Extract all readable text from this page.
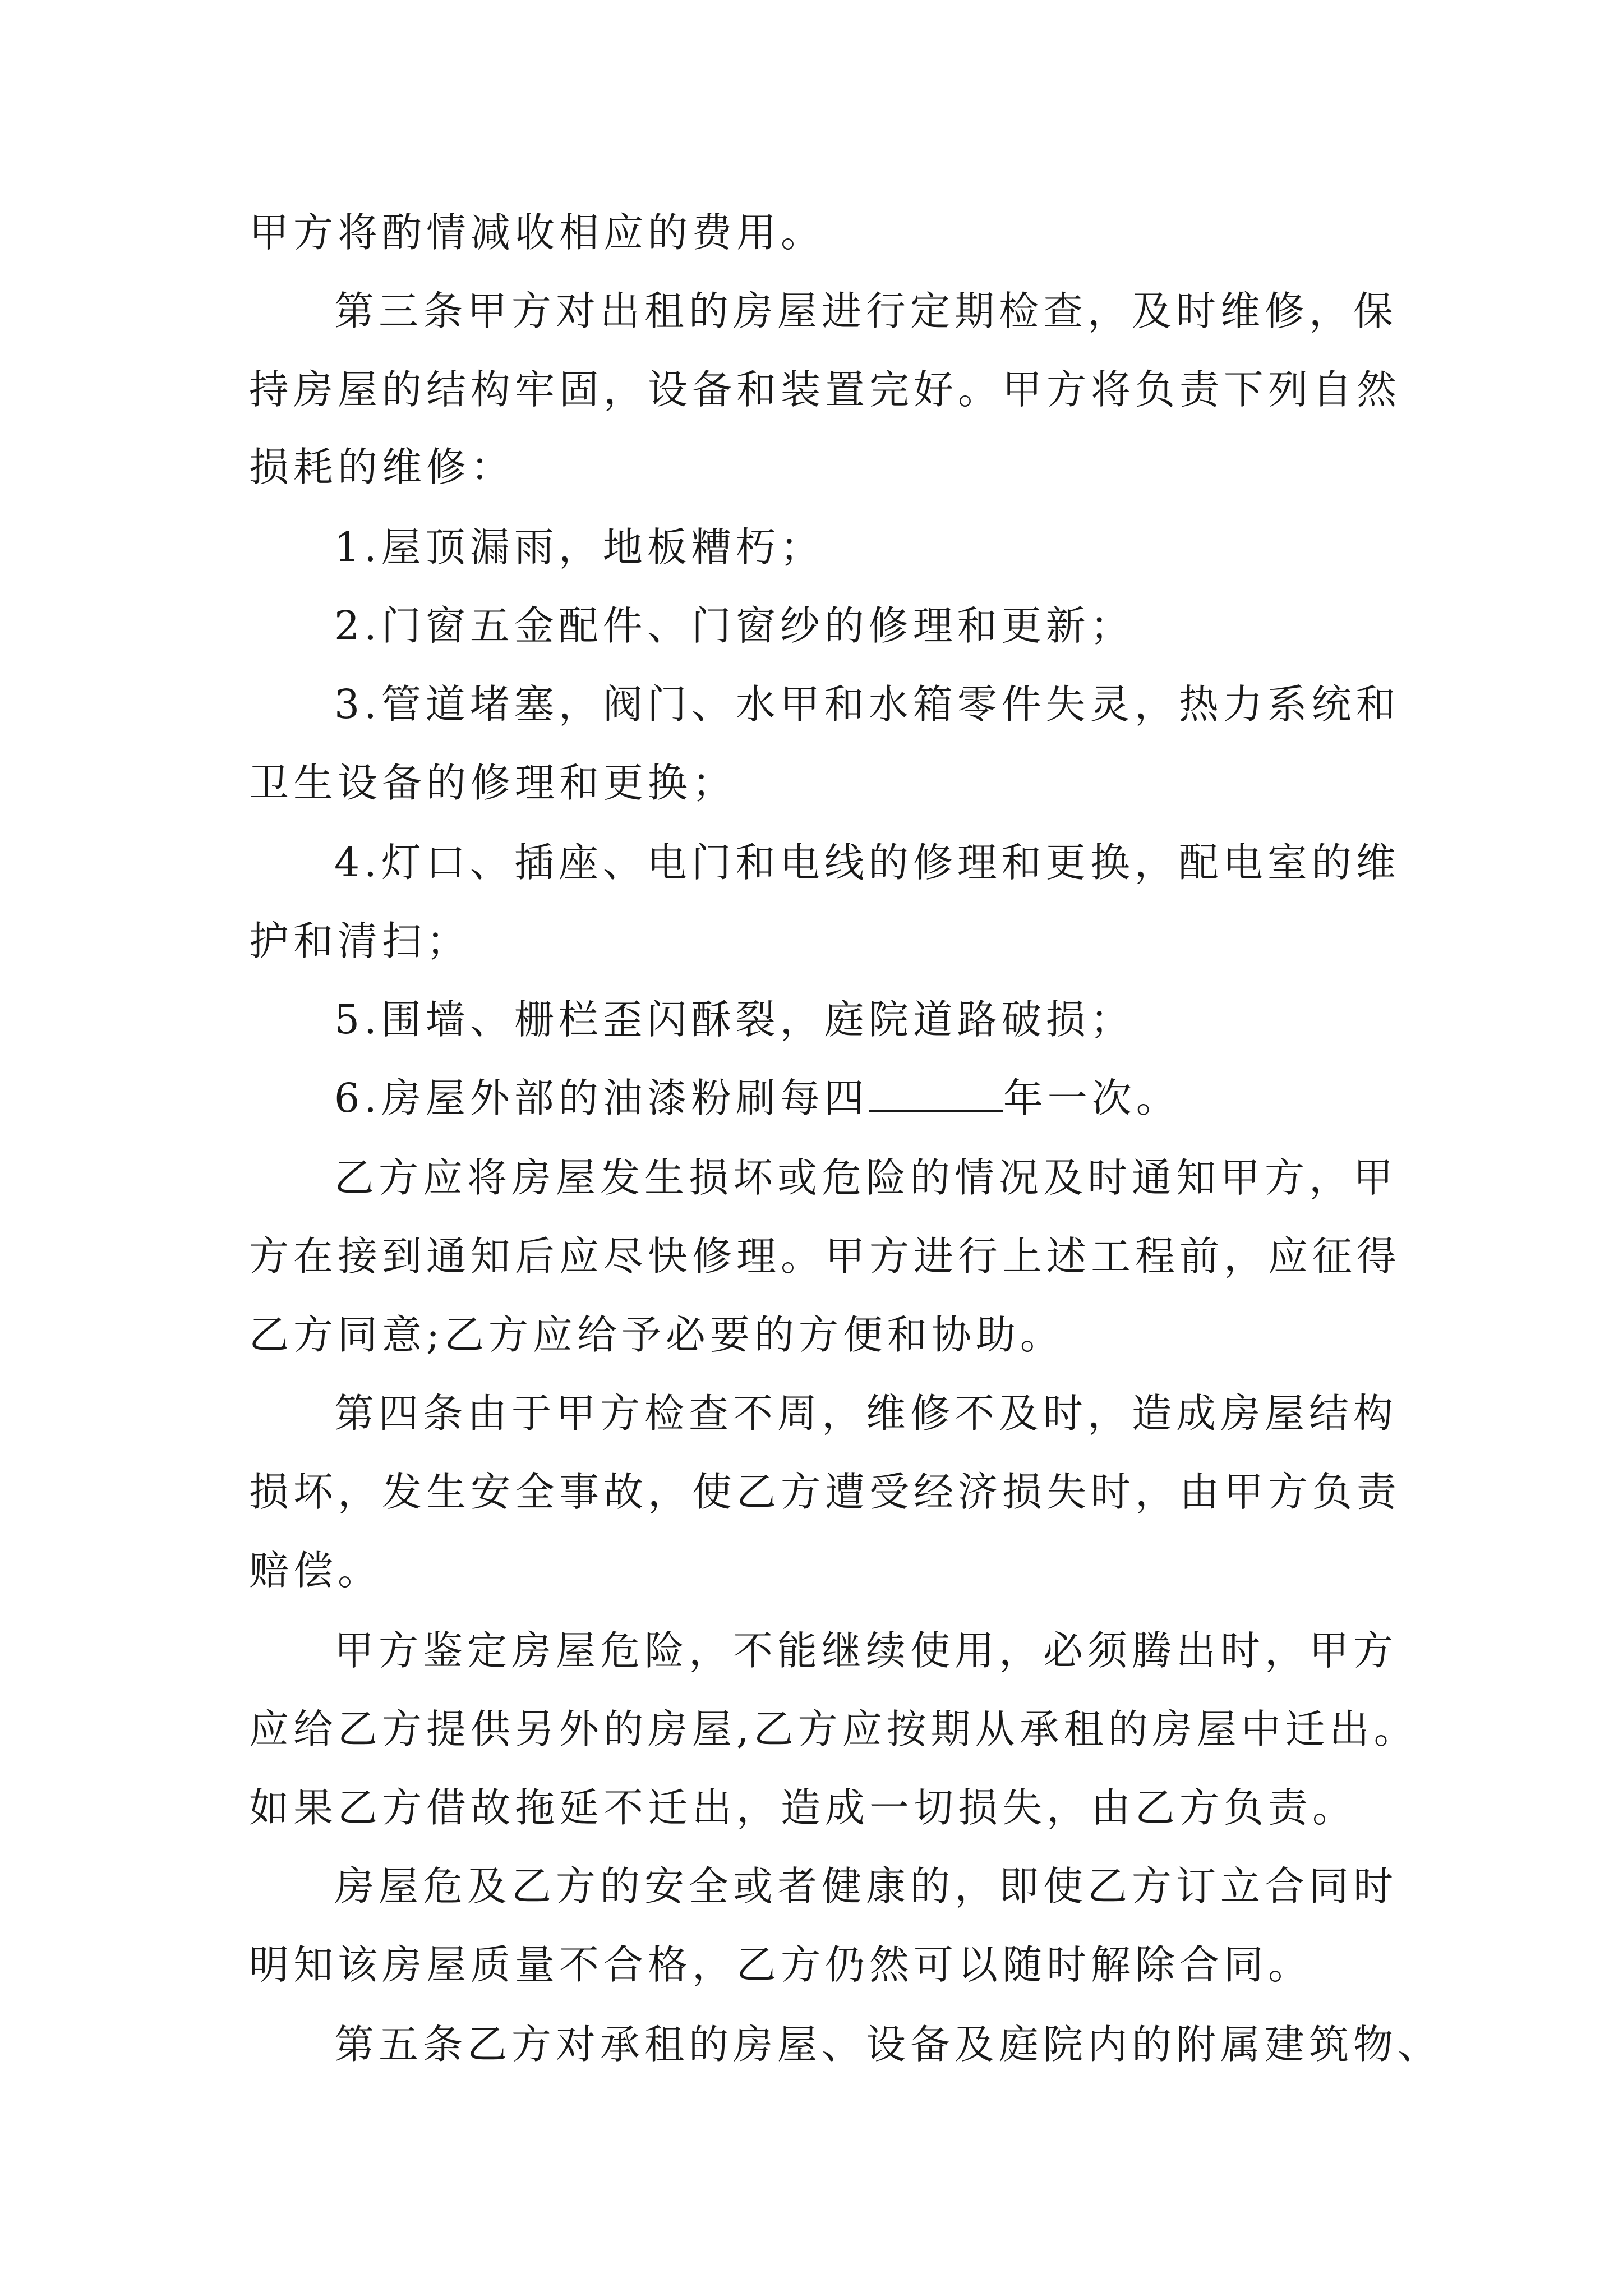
甲方将酌情减收相应的费用。
第三条甲方对出租的房屋进行定期检查，及时维修，保
持房屋的结构牢固，设备和装置完好。甲方将负责下列自然
损耗的维修：
1.屋顶漏雨，地板糟朽；
2.门窗五金配件、门窗纱的修理和更新；
3.管道堵塞，阀门、水甲和水箱零件失灵，热力系统和
卫生设备的修理和更换；
4.灯口、插座、电门和电线的修理和更换，配电室的维
护和清扫；
5.围墙、栅栏歪闪酥裂，庭院道路破损；
6.房屋外部的油漆粉刷每四	年一次。
乙方应将房屋发生损坏或危险的情况及时通知甲方，甲
方在接到通知后应尽快修理。甲方进行上述工程前，应征得
乙方同意;乙方应给予必要的方便和协助。
第四条由于甲方检查不周，维修不及时，造成房屋结构
损坏，发生安全事故，使乙方遭受经济损失时，由甲方负责
赔偿。
甲方鉴定房屋危险，不能继续使用，必须腾出时，甲方
应给乙方提供另外的房屋,乙方应按期从承租的房屋中迁出。
如果乙方借故拖延不迁出，造成一切损失，由乙方负责。
房屋危及乙方的安全或者健康的，即使乙方订立合同时
明知该房屋质量不合格，乙方仍然可以随时解除合同。
第五条乙方对承租的房屋、设备及庭院内的附属建筑物、
